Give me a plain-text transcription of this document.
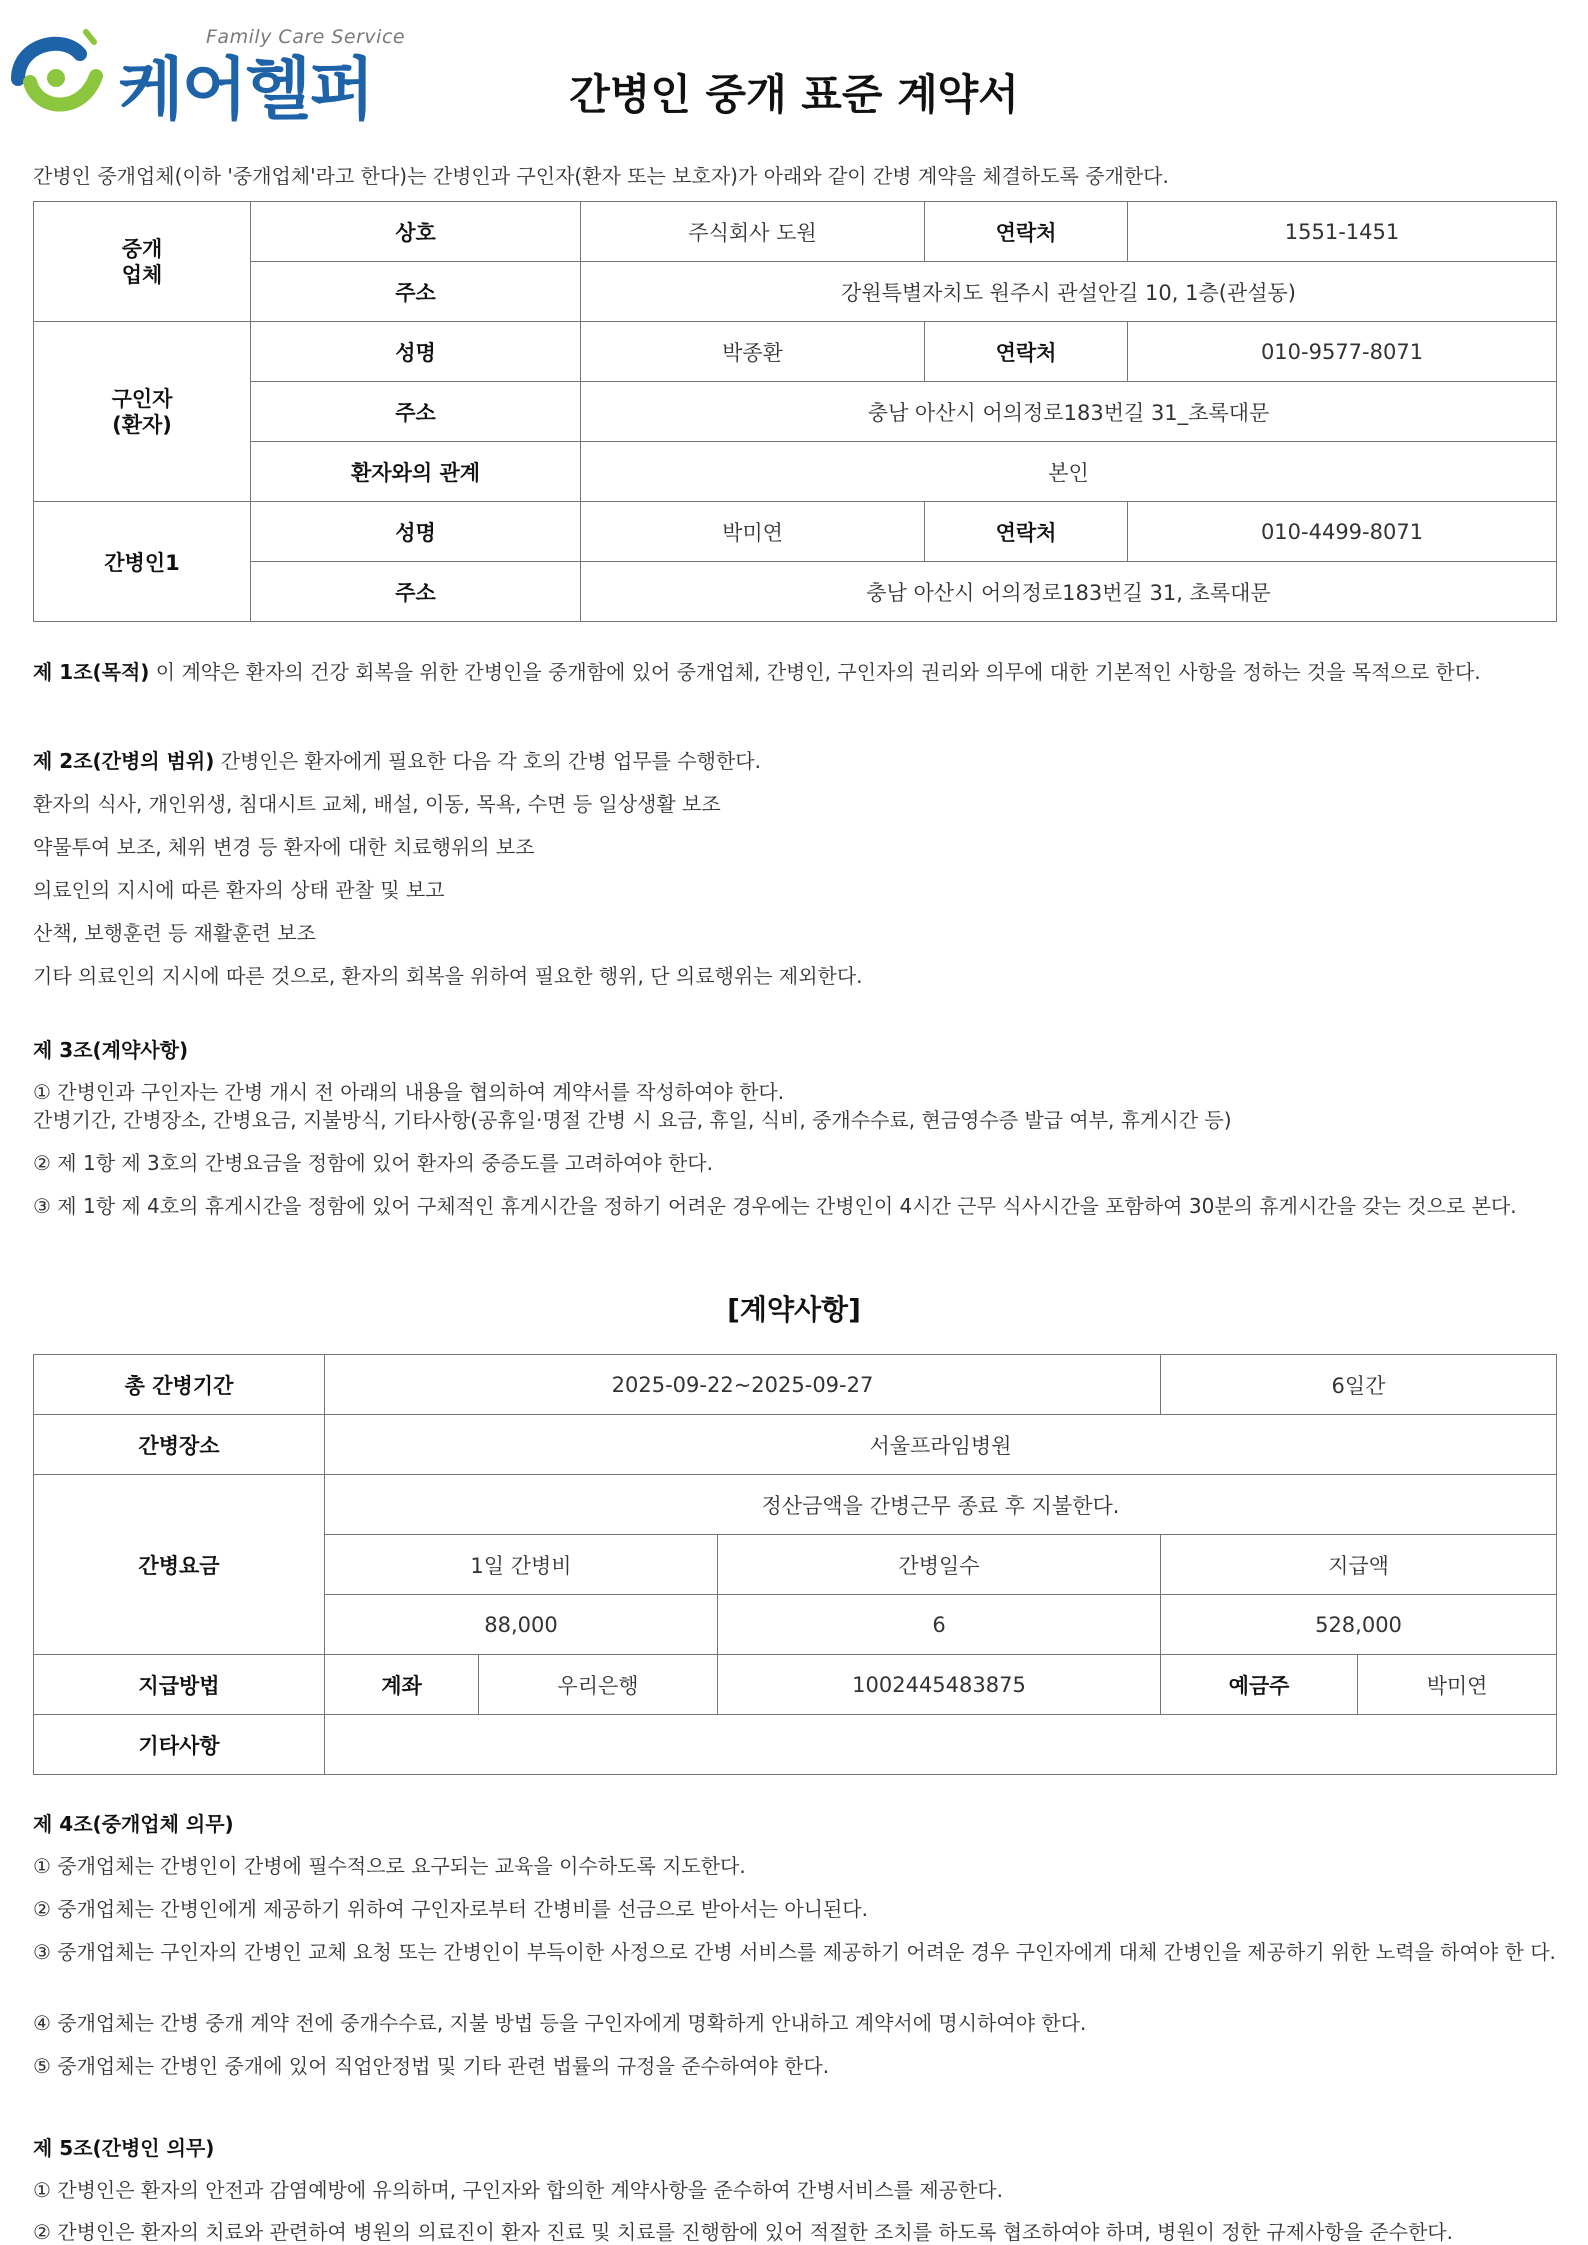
Family Care Service
케어헬퍼	간병인 중개 표준 계약서
간병인 중개업체(이하 '중개업체'라고 한다)는 간병인과 구인자(환자 또는 보호자)가 아래와 같이 간병 계약을 체결하도록 중개한다.
중개
업체	상호	주식회사 도원	연락처	1551-1451
	주소	강원특별자치도 원주시 관설안길 10, 1층(관설동)		
구인자
(환자)	성명	박종환	연락처	010-9577-8071
	주소	충남 아산시 어의정로183번길 31_초록대문		
	환자와의 관계	본인		
간병인1	성명	박미연	연락처	010-4499-8071
	주소	충남 아산시 어의정로183번길 31, 초록대문		
제 1조(목적) 이 계약은 환자의 건강 회복을 위한 간병인을 중개함에 있어 중개업체, 간병인, 구인자의 권리와 의무에 대한 기본적인 사항을 정하는 것을 목적으로 한다.
제 2조(간병의 범위) 간병인은 환자에게 필요한 다음 각 호의 간병 업무를 수행한다.
환자의 식사, 개인위생, 침대시트 교체, 배설, 이동, 목욕, 수면 등 일상생활 보조
약물투여 보조, 체위 변경 등 환자에 대한 치료행위의 보조
의료인의 지시에 따른 환자의 상태 관찰 및 보고
산책, 보행훈련 등 재활훈련 보조
기타 의료인의 지시에 따른 것으로, 환자의 회복을 위하여 필요한 행위, 단 의료행위는 제외한다.
제 3조(계약사항)
① 간병인과 구인자는 간병 개시 전 아래의 내용을 협의하여 계약서를 작성하여야 한다.
간병기간, 간병장소, 간병요금, 지불방식, 기타사항(공휴일·명절 간병 시 요금, 휴일, 식비, 중개수수료, 현금영수증 발급 여부, 휴게시간 등)
② 제 1항 제 3호의 간병요금을 정함에 있어 환자의 중증도를 고려하여야 한다.
③ 제 1항 제 4호의 휴게시간을 정함에 있어 구체적인 휴게시간을 정하기 어려운 경우에는 간병인이 4시간 근무 식사시간을 포함하여 30분의 휴게시간을 갖는 것으로 본다.
[계약사항]
총 간병기간	2025-09-22~2025-09-27			6일간	
간병장소	서울프라임병원				
간병요금	정산금액을 간병근무 종료 후 지불한다.				
	1일 간병비		간병일수	지급액	
	88,000		6	528,000	
지급방법	계좌	우리은행	1002445483875	예금주	박미연
기타사항					
제 4조(중개업체 의무)
① 중개업체는 간병인이 간병에 필수적으로 요구되는 교육을 이수하도록 지도한다.
② 중개업체는 간병인에게 제공하기 위하여 구인자로부터 간병비를 선금으로 받아서는 아니된다.
③ 중개업체는 구인자의 간병인 교체 요청 또는 간병인이 부득이한 사정으로 간병 서비스를 제공하기 어려운 경우 구인자에게 대체 간병인을 제공하기 위한 노력을 하여야 한 다.
④ 중개업체는 간병 중개 계약 전에 중개수수료, 지불 방법 등을 구인자에게 명확하게 안내하고 계약서에 명시하여야 한다.
⑤ 중개업체는 간병인 중개에 있어 직업안정법 및 기타 관련 법률의 규정을 준수하여야 한다.
제 5조(간병인 의무)
① 간병인은 환자의 안전과 감염예방에 유의하며, 구인자와 합의한 계약사항을 준수하여 간병서비스를 제공한다.
② 간병인은 환자의 치료와 관련하여 병원의 의료진이 환자 진료 및 치료를 진행함에 있어 적절한 조치를 하도록 협조하여야 하며, 병원이 정한 규제사항을 준수한다.
